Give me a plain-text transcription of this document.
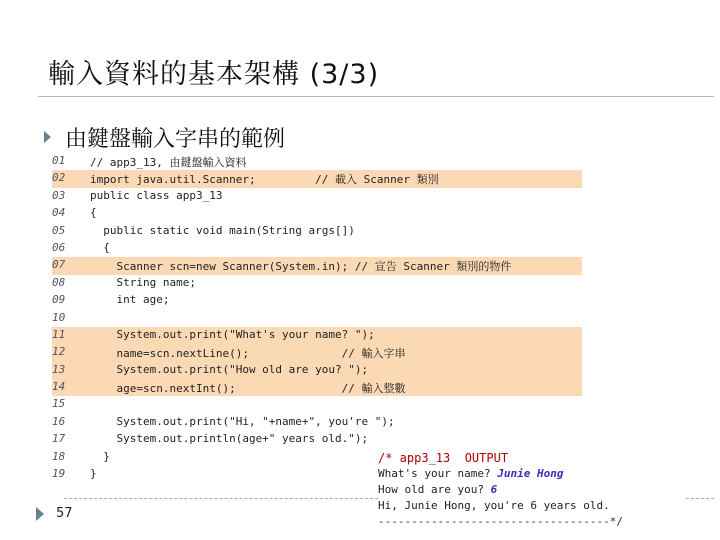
輸入資料的基本架構 (3/3)
由鍵盤輸入字串的範例
01	// app3_13, 由鍵盤輸入資料
02	import java.util.Scanner;         // 載入 Scanner 類別
03	public class app3_13
04	{
05	public static void main(String args[])
06	{
07	Scanner scn=new Scanner(System.in); // 宣告 Scanner 類別的物件
08	String name;
09	int age;
10
11	System.out.print("What's your name? ");
12	name=scn.nextLine();              // 輸入字串
13	System.out.print("How old are you? ");
14	age=scn.nextInt();                // 輸入整數
15
16	System.out.print("Hi, "+name+", you're ");
17	System.out.println(age+" years old.");
18	}
19	}
57
/* app3_13  OUTPUT
What's your name? Junie Hong
How old are you? 6
Hi, Junie Hong, you're 6 years old.
-----------------------------------*/
